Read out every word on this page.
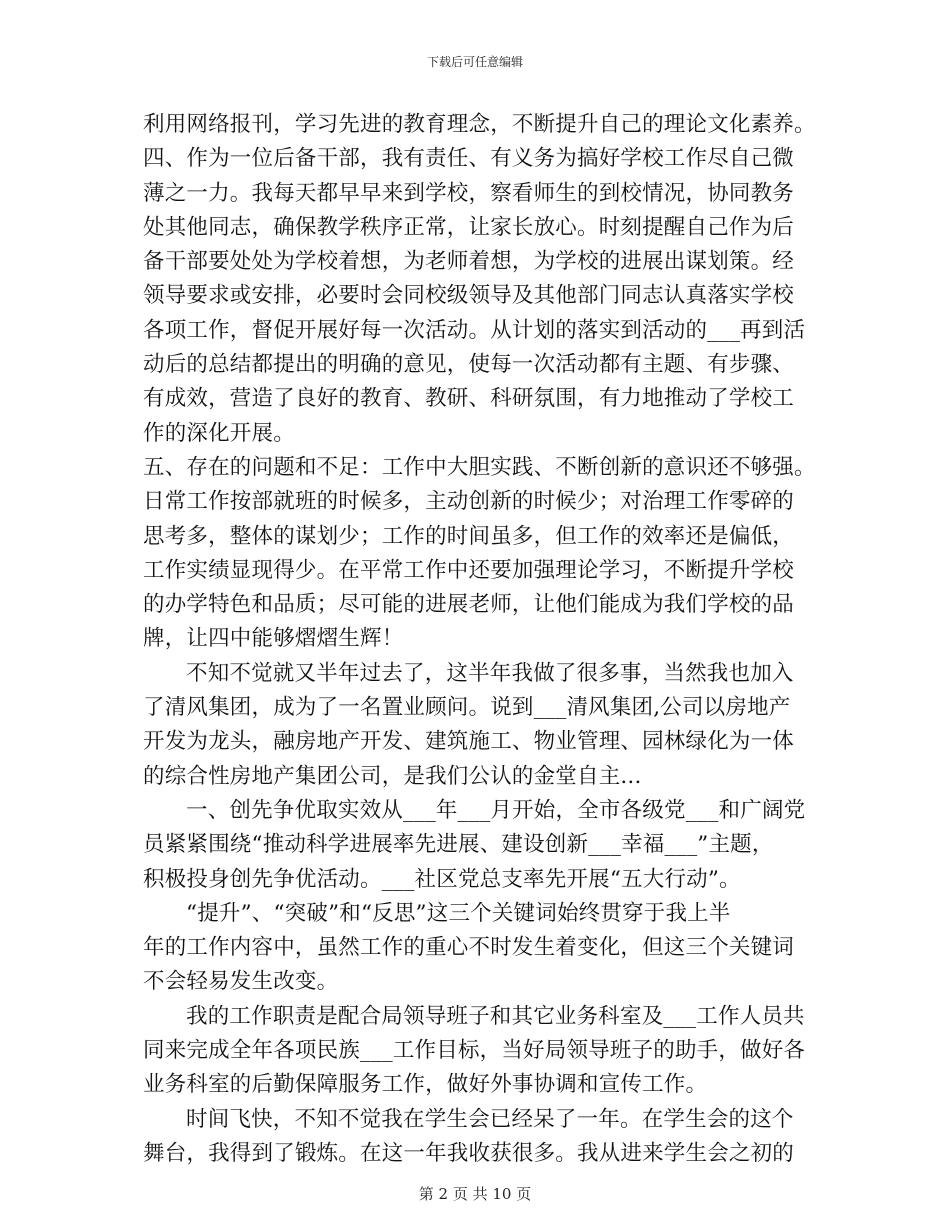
下载后可任意编辑
利用网络报刊，学习先进的教育理念，不断提升自己的理论文化素养。
四、作为一位后备干部，我有责任、有义务为搞好学校工作尽自己微
薄之一力。我每天都早早来到学校，察看师生的到校情况，协同教务
处其他同志，确保教学秩序正常，让家长放心。时刻提醒自己作为后
备干部要处处为学校着想，为老师着想，为学校的进展出谋划策。经
领导要求或安排，必要时会同校级领导及其他部门同志认真落实学校
各项工作，督促开展好每一次活动。从计划的落实到活动的___再到活
动后的总结都提出的明确的意见，使每一次活动都有主题、有步骤、
有成效，营造了良好的教育、教研、科研氛围，有力地推动了学校工
作的深化开展。
五、存在的问题和不足：工作中大胆实践、不断创新的意识还不够强。
日常工作按部就班的时候多，主动创新的时候少；对治理工作零碎的
思考多，整体的谋划少；工作的时间虽多，但工作的效率还是偏低，
工作实绩显现得少。在平常工作中还要加强理论学习，不断提升学校
的办学特色和品质；尽可能的进展老师，让他们能成为我们学校的品
牌，让四中能够熠熠生辉！
不知不觉就又半年过去了，这半年我做了很多事，当然我也加入
了清风集团，成为了一名置业顾问。说到___清风集团,公司以房地产
开发为龙头，融房地产开发、建筑施工、物业管理、园林绿化为一体
的综合性房地产集团公司，是我们公认的金堂自主...
一、创先争优取实效从___年___月开始，全市各级党___和广阔党
员紧紧围绕“推动科学进展率先进展、建设创新___幸福___”主题，
积极投身创先争优活动。___社区党总支率先开展“五大行动”。
“提升”、“突破”和“反思”这三个关键词始终贯穿于我上半
年的工作内容中，虽然工作的重心不时发生着变化，但这三个关键词
不会轻易发生改变。
我的工作职责是配合局领导班子和其它业务科室及___工作人员共
同来完成全年各项民族___工作目标，当好局领导班子的助手，做好各
业务科室的后勤保障服务工作，做好外事协调和宣传工作。
时间飞快，不知不觉我在学生会已经呆了一年。在学生会的这个
舞台，我得到了锻炼。在这一年我收获很多。我从进来学生会之初的
第 2 页 共 10 页
